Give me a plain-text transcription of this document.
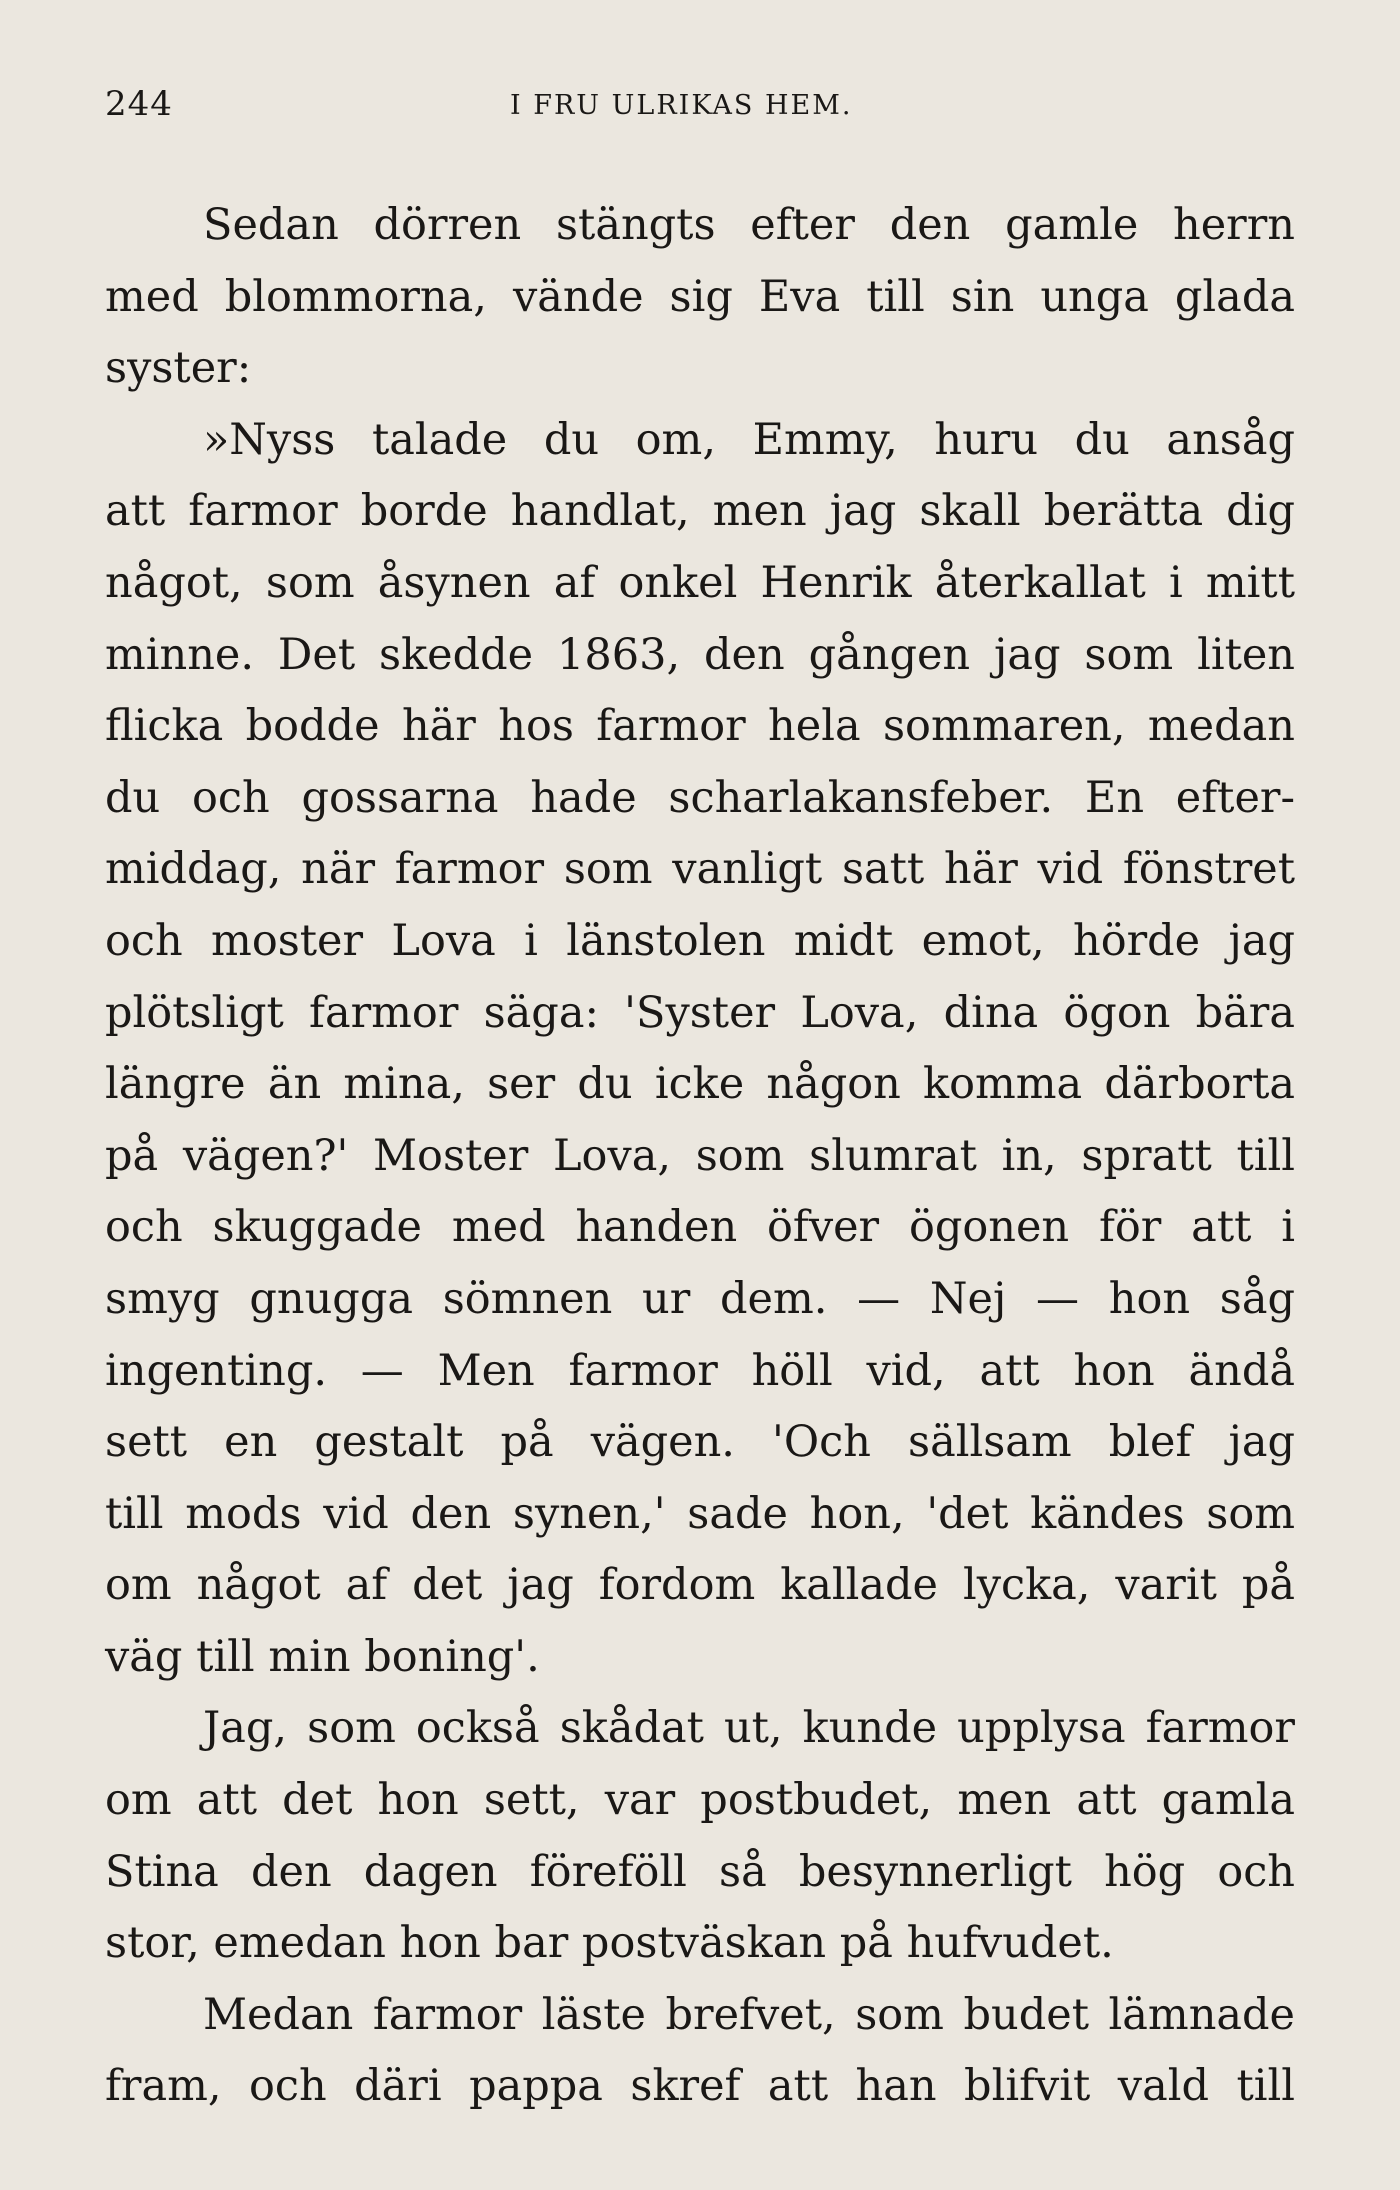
244	I FRU ULRIKAS HEM.
Sedan dörren stängts efter den gamle herrn
med blommorna, vände sig Eva till sin unga glada
syster:
»Nyss talade du om, Emmy, huru du ansåg
att farmor borde handlat, men jag skall berätta dig
något, som åsynen af onkel Henrik återkallat i mitt
minne. Det skedde 1863, den gången jag som liten
flicka bodde här hos farmor hela sommaren, medan
du och gossarna hade scharlakansfeber. En efter-
middag, när farmor som vanligt satt här vid fönstret
och moster Lova i länstolen midt emot, hörde jag
plötsligt farmor säga: 'Syster Lova, dina ögon bära
längre än mina, ser du icke någon komma därborta
på vägen?' Moster Lova, som slumrat in, spratt till
och skuggade med handen öfver ögonen för att i
smyg gnugga sömnen ur dem. — Nej — hon såg
ingenting. — Men farmor höll vid, att hon ändå
sett en gestalt på vägen. 'Och sällsam blef jag
till mods vid den synen,' sade hon, 'det kändes som
om något af det jag fordom kallade lycka, varit på
väg till min boning'.
Jag, som också skådat ut, kunde upplysa farmor
om att det hon sett, var postbudet, men att gamla
Stina den dagen föreföll så besynnerligt hög och
stor, emedan hon bar postväskan på hufvudet.
Medan farmor läste brefvet, som budet lämnade
fram, och däri pappa skref att han blifvit vald till
